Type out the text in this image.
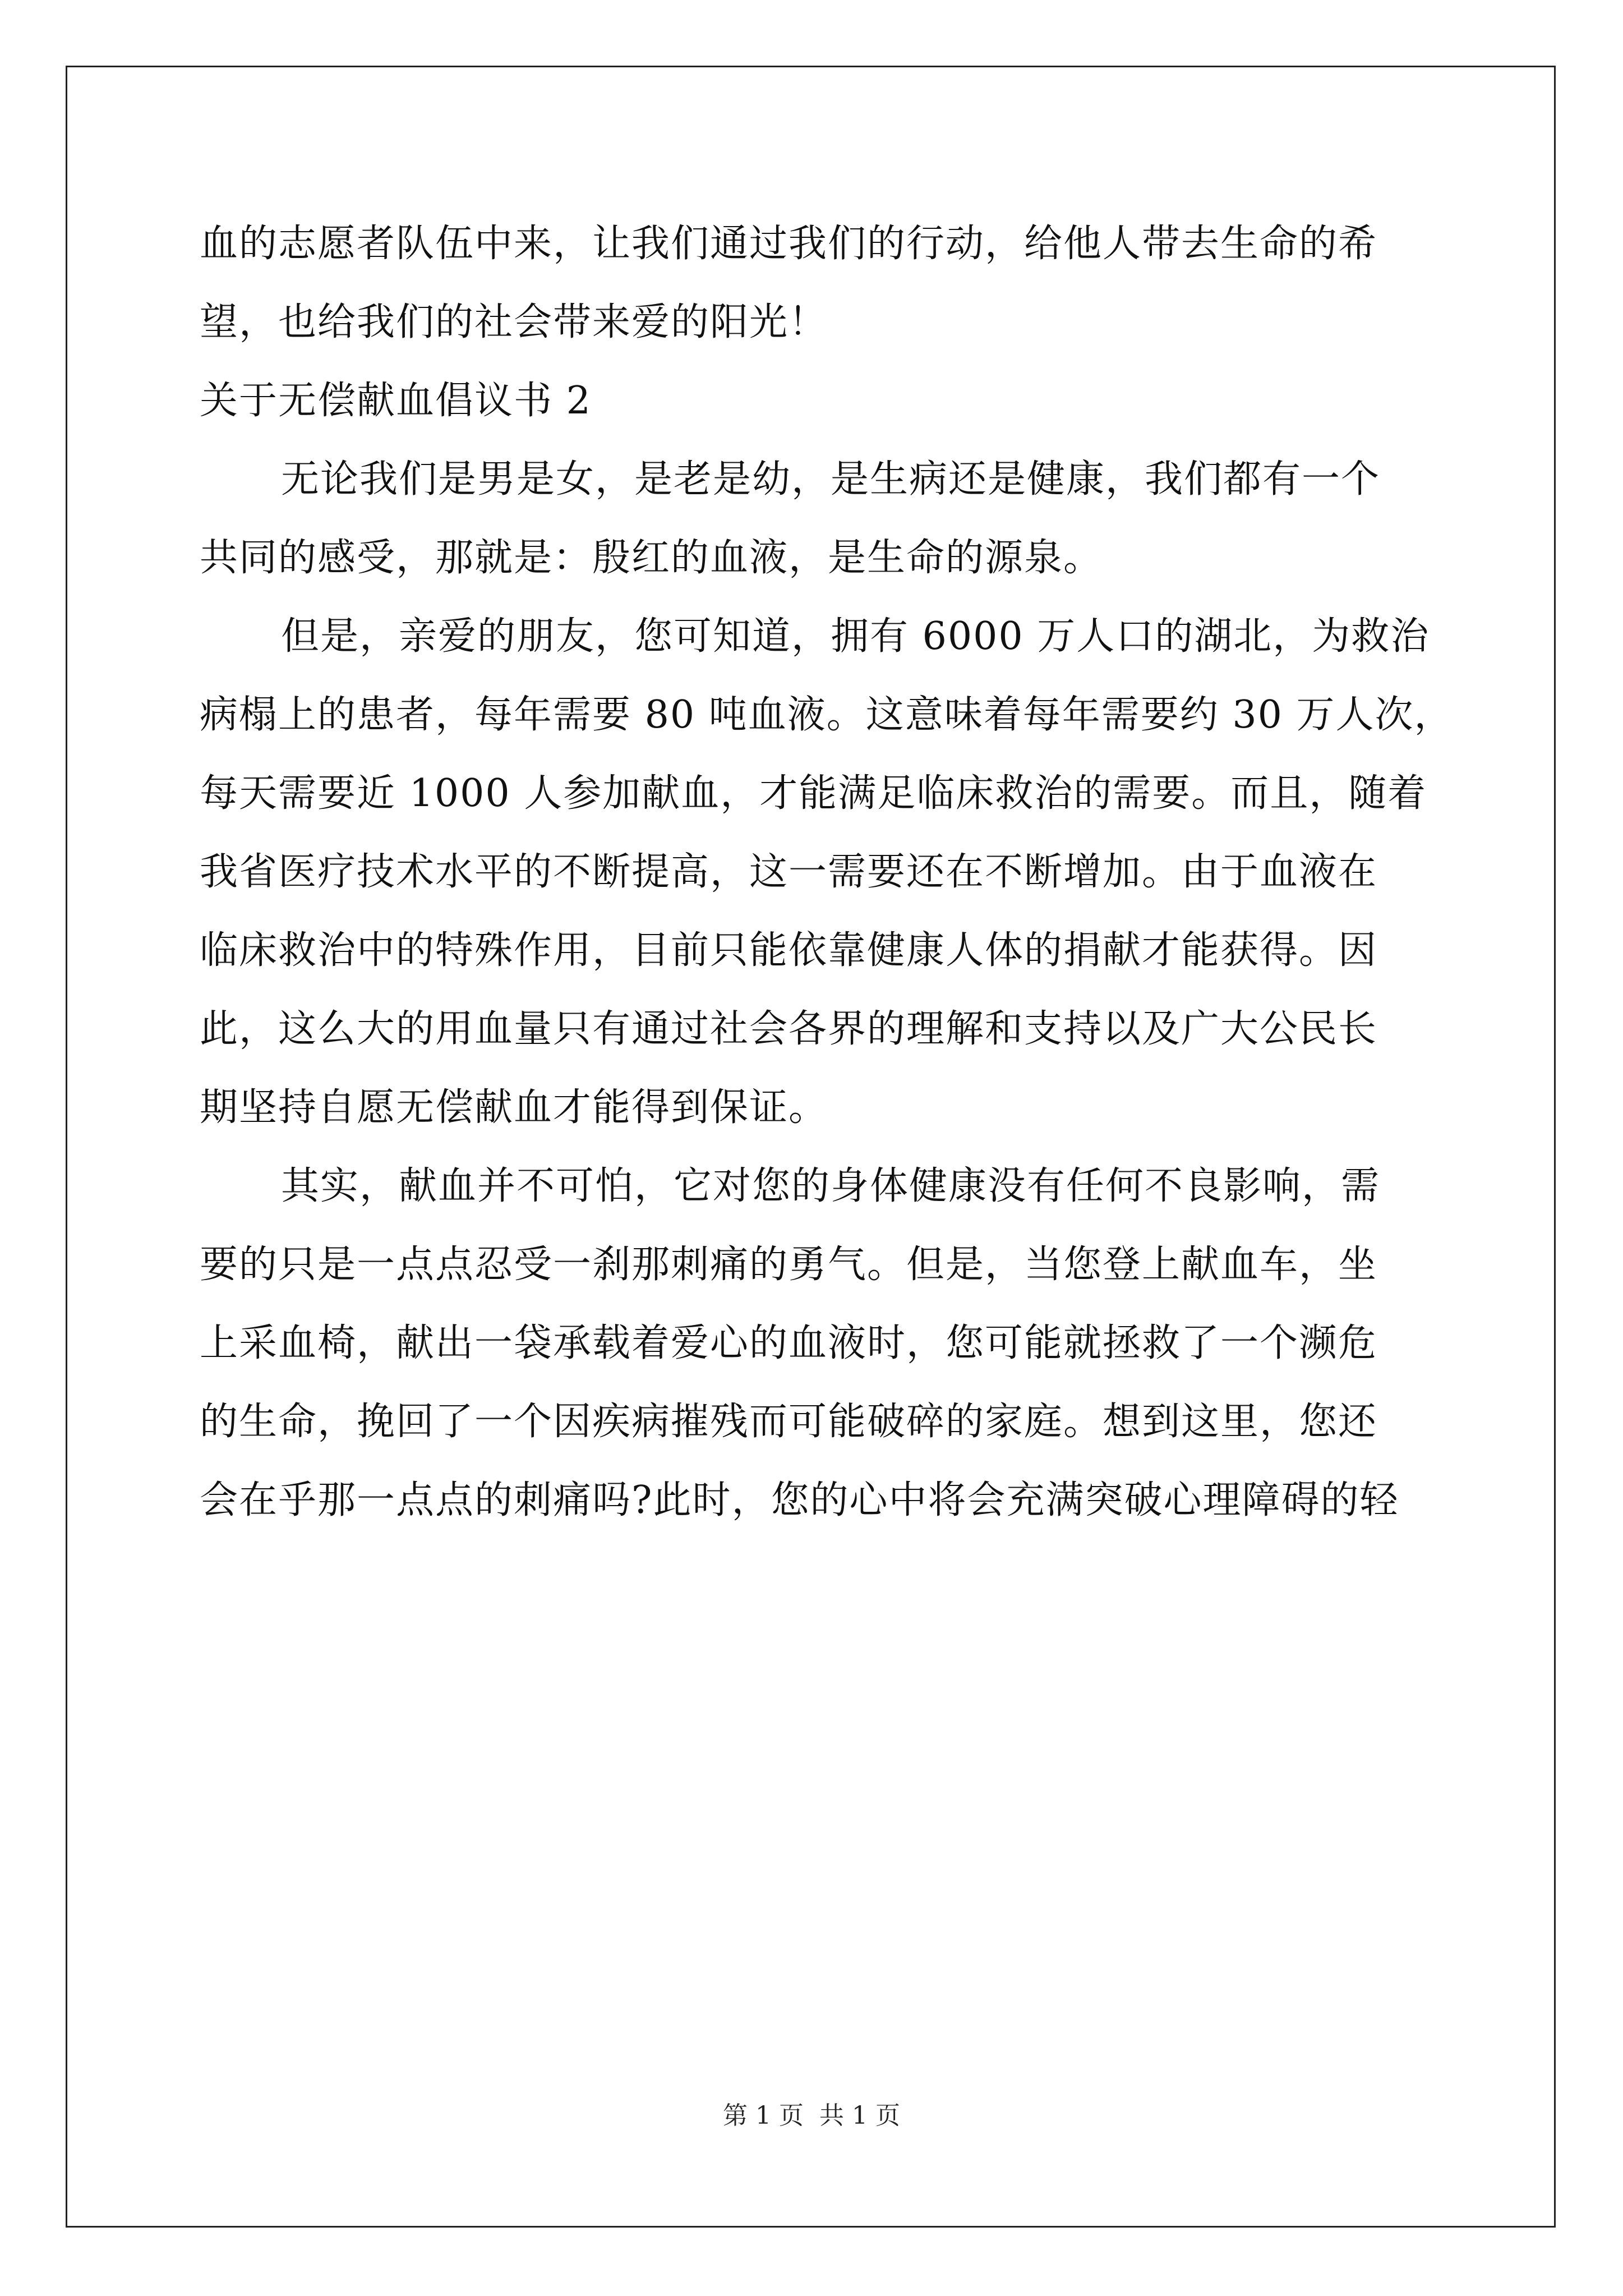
血的志愿者队伍中来，让我们通过我们的行动，给他人带去生命的希
望，也给我们的社会带来爱的阳光！
关于无偿献血倡议书 2
无论我们是男是女，是老是幼，是生病还是健康，我们都有一个
共同的感受，那就是：殷红的血液，是生命的源泉。
但是，亲爱的朋友，您可知道，拥有 6000 万人口的湖北，为救治
病榻上的患者，每年需要 80 吨血液。这意味着每年需要约 30 万人次，
每天需要近 1000 人参加献血，才能满足临床救治的需要。而且，随着
我省医疗技术水平的不断提高，这一需要还在不断增加。由于血液在
临床救治中的特殊作用，目前只能依靠健康人体的捐献才能获得。因
此，这么大的用血量只有通过社会各界的理解和支持以及广大公民长
期坚持自愿无偿献血才能得到保证。
其实，献血并不可怕，它对您的身体健康没有任何不良影响，需
要的只是一点点忍受一刹那刺痛的勇气。但是，当您登上献血车，坐
上采血椅，献出一袋承载着爱心的血液时，您可能就拯救了一个濒危
的生命，挽回了一个因疾病摧残而可能破碎的家庭。想到这里，您还
会在乎那一点点的刺痛吗?此时，您的心中将会充满突破心理障碍的轻
第 1 页 共 1 页
